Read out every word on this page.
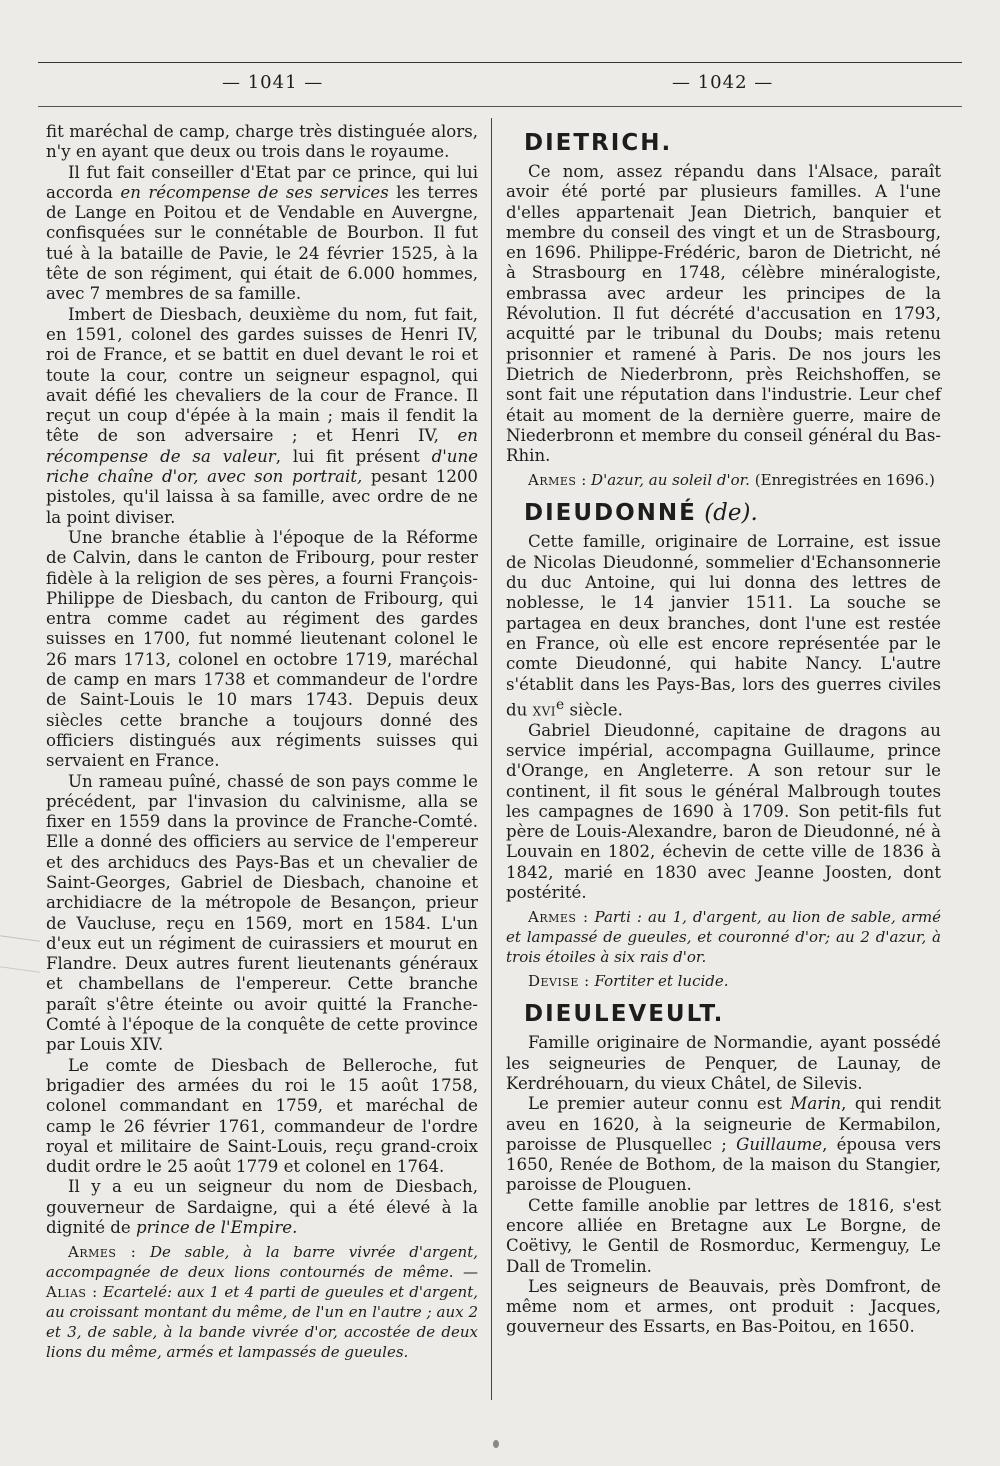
— 1041 —	— 1042 —

fit maréchal de camp, charge très distinguée alors, n'y en ayant que deux ou trois dans le royaume.

Il fut fait conseiller d'Etat par ce prince, qui lui accorda en récompense de ses services les terres de Lange en Poitou et de Vendable en Auvergne, confisquées sur le connétable de Bourbon. Il fut tué à la bataille de Pavie, le 24 février 1525, à la tête de son régiment, qui était de 6.000 hommes, avec 7 membres de sa famille.

Imbert de Diesbach, deuxième du nom, fut fait, en 1591, colonel des gardes suisses de Henri IV, roi de France, et se battit en duel devant le roi et toute la cour, contre un seigneur espagnol, qui avait défié les chevaliers de la cour de France. Il reçut un coup d'épée à la main ; mais il fendit la tête de son adversaire ; et Henri IV, en récompense de sa valeur, lui fit présent d'une riche chaîne d'or, avec son portrait, pesant 1200 pistoles, qu'il laissa à sa famille, avec ordre de ne la point diviser.

Une branche établie à l'époque de la Réforme de Calvin, dans le canton de Fribourg, pour rester fidèle à la religion de ses pères, a fourni François-Philippe de Diesbach, du canton de Fribourg, qui entra comme cadet au régiment des gardes suisses en 1700, fut nommé lieutenant colonel le 26 mars 1713, colonel en octobre 1719, maréchal de camp en mars 1738 et commandeur de l'ordre de Saint-Louis le 10 mars 1743. Depuis deux siècles cette branche a toujours donné des officiers distingués aux régiments suisses qui servaient en France.

Un rameau puîné, chassé de son pays comme le précédent, par l'invasion du calvinisme, alla se fixer en 1559 dans la province de Franche-Comté. Elle a donné des officiers au service de l'empereur et des archiducs des Pays-Bas et un chevalier de Saint-Georges, Gabriel de Diesbach, chanoine et archidiacre de la métropole de Besançon, prieur de Vaucluse, reçu en 1569, mort en 1584. L'un d'eux eut un régiment de cuirassiers et mourut en Flandre. Deux autres furent lieutenants généraux et chambellans de l'empereur. Cette branche paraît s'être éteinte ou avoir quitté la Franche-Comté à l'époque de la conquête de cette province par Louis XIV.

Le comte de Diesbach de Belleroche, fut brigadier des armées du roi le 15 août 1758, colonel commandant en 1759, et maréchal de camp le 26 février 1761, commandeur de l'ordre royal et militaire de Saint-Louis, reçu grand-croix dudit ordre le 25 août 1779 et colonel en 1764.

Il y a eu un seigneur du nom de Diesbach, gouverneur de Sardaigne, qui a été élevé à la dignité de prince de l'Empire.

Armes : De sable, à la barre vivrée d'argent, accompagnée de deux lions contournés de même. — Alias : Ecartelé: aux 1 et 4 parti de gueules et d'argent, au croissant montant du même, de l'un en l'autre ; aux 2 et 3, de sable, à la bande vivrée d'or, accostée de deux lions du même, armés et lampassés de gueules.

DIETRICH.

Ce nom, assez répandu dans l'Alsace, paraît avoir été porté par plusieurs familles. A l'une d'elles appartenait Jean Dietrich, banquier et membre du conseil des vingt et un de Strasbourg, en 1696. Philippe-Frédéric, baron de Dietricht, né à Strasbourg en 1748, célèbre minéralogiste, embrassa avec ardeur les principes de la Révolution. Il fut décrété d'accusation en 1793, acquitté par le tribunal du Doubs; mais retenu prisonnier et ramené à Paris. De nos jours les Dietrich de Niederbronn, près Reichshoffen, se sont fait une réputation dans l'industrie. Leur chef était au moment de la dernière guerre, maire de Niederbronn et membre du conseil général du Bas-Rhin.

Armes : D'azur, au soleil d'or. (Enregistrées en 1696.)

DIEUDONNÉ (de).

Cette famille, originaire de Lorraine, est issue de Nicolas Dieudonné, sommelier d'Echansonnerie du duc Antoine, qui lui donna des lettres de noblesse, le 14 janvier 1511. La souche se partagea en deux branches, dont l'une est restée en France, où elle est encore représentée par le comte Dieudonné, qui habite Nancy. L'autre s'établit dans les Pays-Bas, lors des guerres civiles du xvi$^e$ siècle.

Gabriel Dieudonné, capitaine de dragons au service impérial, accompagna Guillaume, prince d'Orange, en Angleterre. A son retour sur le continent, il fit sous le général Malbrough toutes les campagnes de 1690 à 1709. Son petit-fils fut père de Louis-Alexandre, baron de Dieudonné, né à Louvain en 1802, échevin de cette ville de 1836 à 1842, marié en 1830 avec Jeanne Joosten, dont postérité.

Armes : Parti : au 1, d'argent, au lion de sable, armé et lampassé de gueules, et couronné d'or; au 2 d'azur, à trois étoiles à six rais d'or.

Devise : Fortiter et lucide.

DIEULEVEULT.

Famille originaire de Normandie, ayant possédé les seigneuries de Penquer, de Launay, de Kerdréhouarn, du vieux Châtel, de Silevis.

Le premier auteur connu est Marin, qui rendit aveu en 1620, à la seigneurie de Kermabilon, paroisse de Plusquellec ; Guillaume, épousa vers 1650, Renée de Bothom, de la maison du Stangier, paroisse de Plouguen.

Cette famille anoblie par lettres de 1816, s'est encore alliée en Bretagne aux Le Borgne, de Coëtivy, le Gentil de Rosmorduc, Kermenguy, Le Dall de Tromelin.

Les seigneurs de Beauvais, près Domfront, de même nom et armes, ont produit : Jacques, gouverneur des Essarts, en Bas-Poitou, en 1650.
